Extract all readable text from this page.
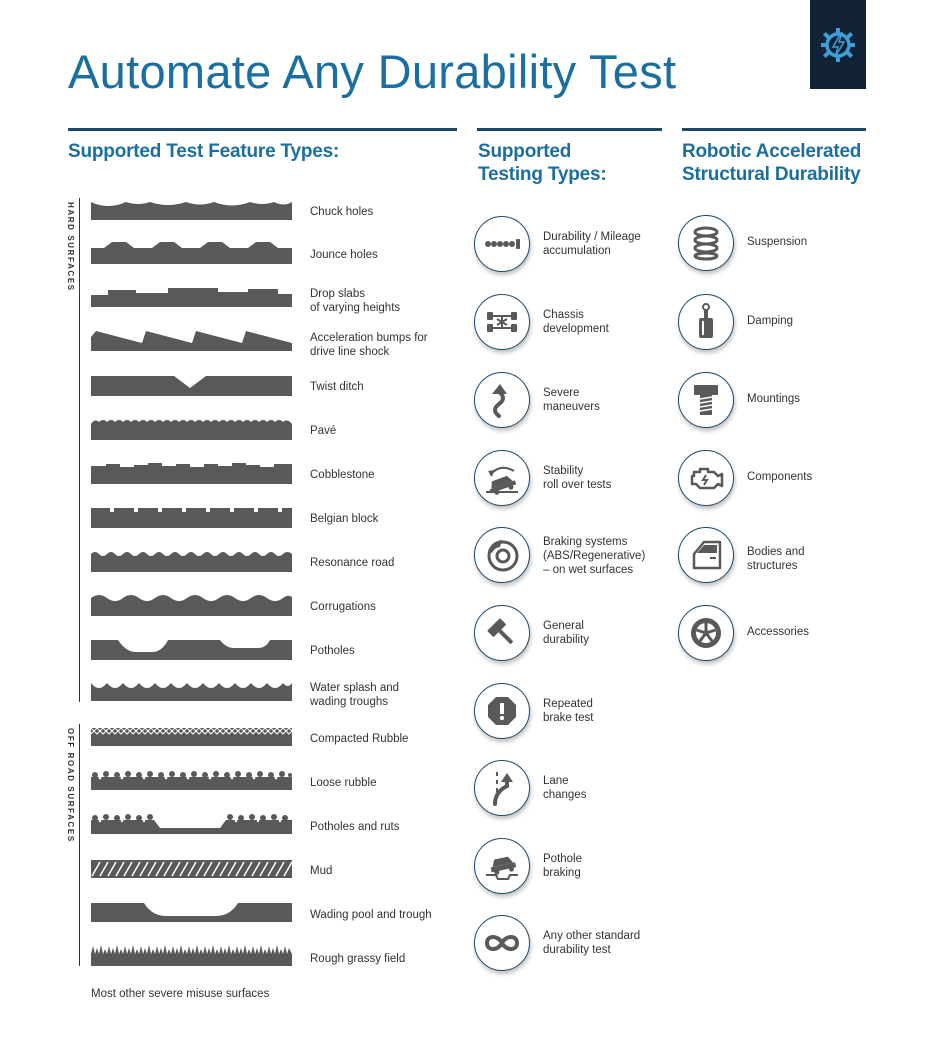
Automate Any Durability Test
Supported Test Feature Types:	Supported
Testing Types:
Robotic Accelerated
Structural Durability
HARD SURFACES
OFF ROAD SURFACES
Chuck holes
Jounce holes
Drop slabs
of varying heights
Acceleration bumps for
drive line shock
Twist ditch
Pavé
Cobblestone
Belgian block
Resonance road
Corrugations
Potholes
Water splash and
wading troughs
Compacted Rubble
Loose rubble
Potholes and ruts
Mud
Wading pool and trough
Rough grassy field
Most other severe misuse surfaces
Durability / Mileage
accumulation
Chassis
development
Severe
maneuvers
Stability
roll over tests
Braking systems
(ABS/Regenerative)
– on wet surfaces
General
durability
Repeated
brake test
Lane
changes
Pothole
braking
Any other standard
durability test
Suspension
Damping
Mountings
Components
Bodies and
structures
Accessories
